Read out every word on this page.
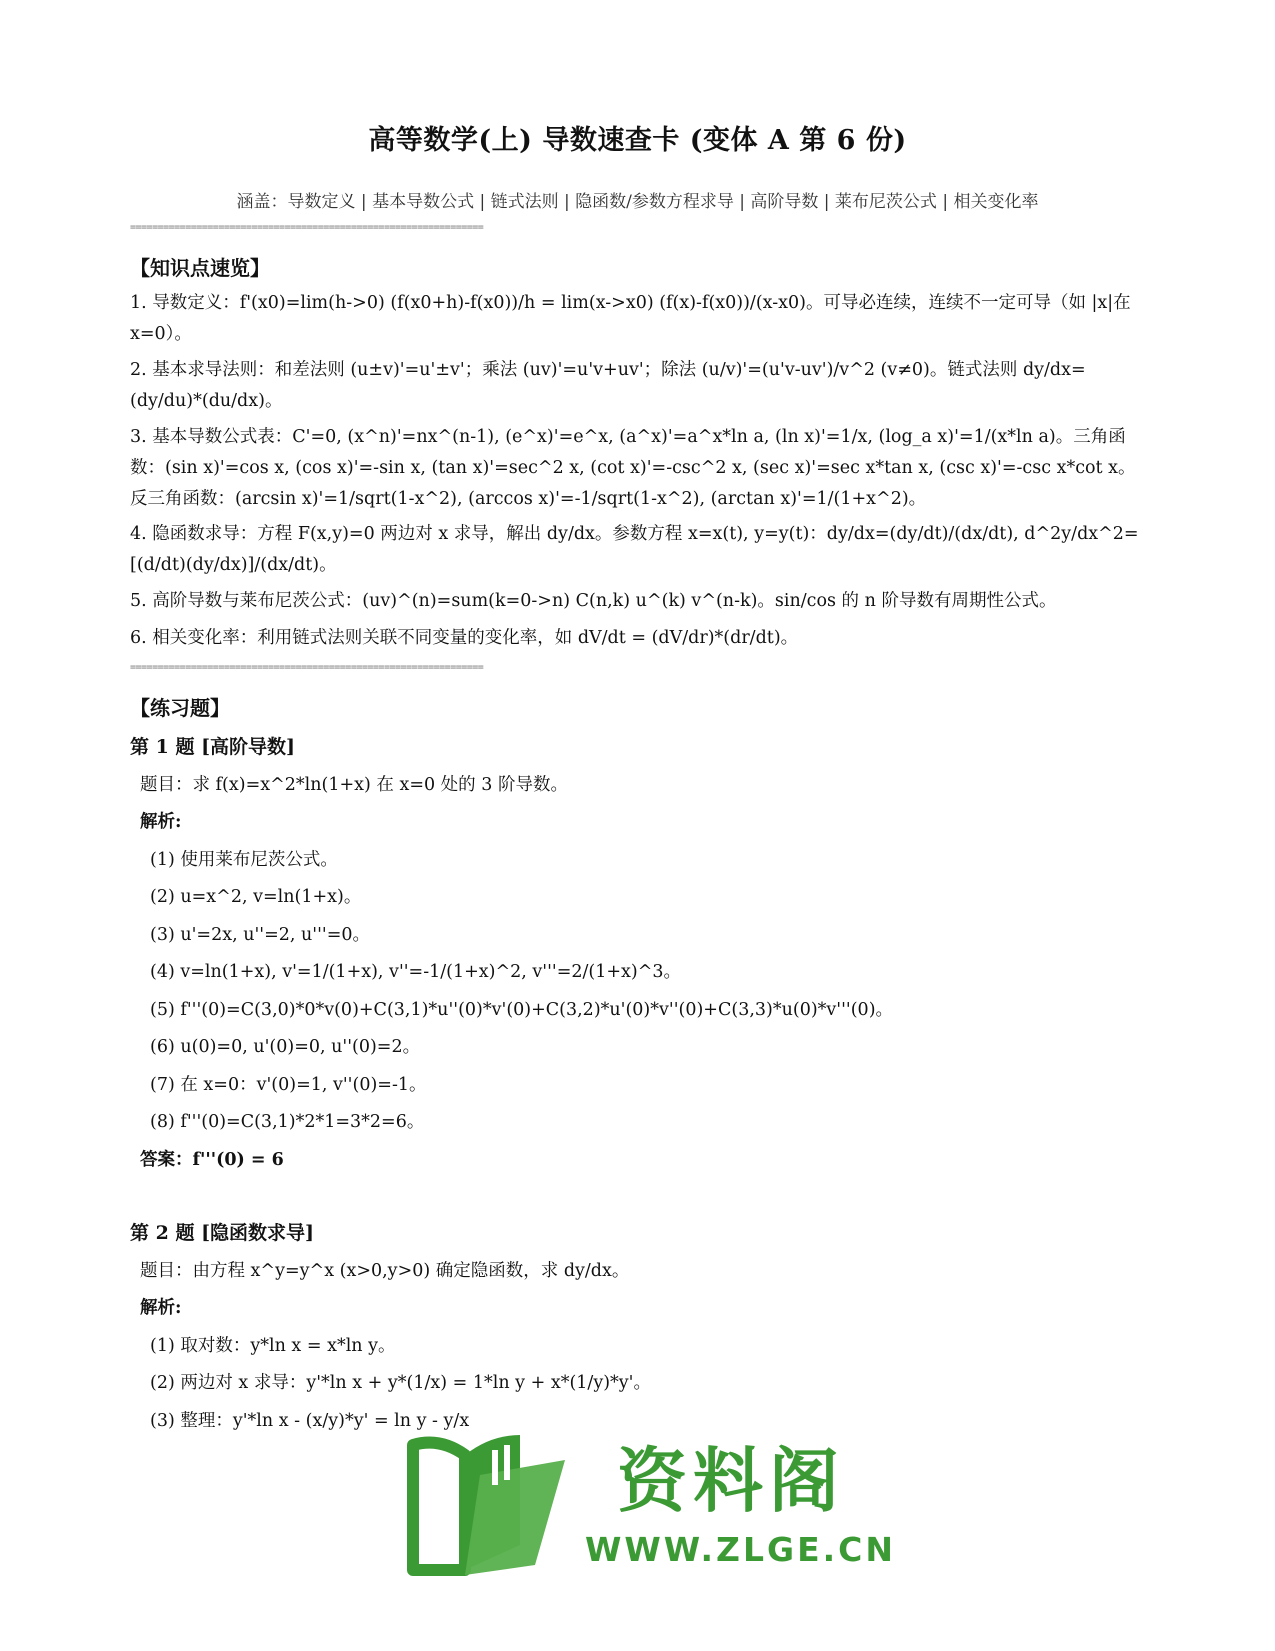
高等数学(上) 导数速查卡 (变体 A 第 6 份)
涵盖：导数定义 | 基本导数公式 | 链式法则 | 隐函数/参数方程求导 | 高阶导数 | 莱布尼茨公式 | 相关变化率
================================================================
【知识点速览】
1. 导数定义：f'(x0)=lim(h->0) (f(x0+h)-f(x0))/h = lim(x->x0) (f(x)-f(x0))/(x-x0)。可导必连续，连续不一定可导（如 |x|在 x=0）。
2. 基本求导法则：和差法则 (u±v)'=u'±v'；乘法 (uv)'=u'v+uv'；除法 (u/v)'=(u'v-uv')/v^2 (v≠0)。链式法则 dy/dx=(dy/du)*(du/dx)。
3. 基本导数公式表：C'=0, (x^n)'=nx^(n-1), (e^x)'=e^x, (a^x)'=a^x*ln a, (ln x)'=1/x, (log_a x)'=1/(x*ln a)。三角函数：(sin x)'=cos x, (cos x)'=-sin x, (tan x)'=sec^2 x, (cot x)'=-csc^2 x, (sec x)'=sec x*tan x, (csc x)'=-csc x*cot x。反三角函数：(arcsin x)'=1/sqrt(1-x^2), (arccos x)'=-1/sqrt(1-x^2), (arctan x)'=1/(1+x^2)。
4. 隐函数求导：方程 F(x,y)=0 两边对 x 求导，解出 dy/dx。参数方程 x=x(t), y=y(t)：dy/dx=(dy/dt)/(dx/dt), d^2y/dx^2=[(d/dt)(dy/dx)]/(dx/dt)。
5. 高阶导数与莱布尼茨公式：(uv)^(n)=sum(k=0->n) C(n,k) u^(k) v^(n-k)。sin/cos 的 n 阶导数有周期性公式。
6. 相关变化率：利用链式法则关联不同变量的变化率，如 dV/dt = (dV/dr)*(dr/dt)。
================================================================
【练习题】
第 1 题 [高阶导数]
题目：求 f(x)=x^2*ln(1+x) 在 x=0 处的 3 阶导数。
解析:
(1) 使用莱布尼茨公式。
(2) u=x^2, v=ln(1+x)。
(3) u'=2x, u''=2, u'''=0。
(4) v=ln(1+x), v'=1/(1+x), v''=-1/(1+x)^2, v'''=2/(1+x)^3。
(5) f'''(0)=C(3,0)*0*v(0)+C(3,1)*u''(0)*v'(0)+C(3,2)*u'(0)*v''(0)+C(3,3)*u(0)*v'''(0)。
(6) u(0)=0, u'(0)=0, u''(0)=2。
(7) 在 x=0：v'(0)=1, v''(0)=-1。
(8) f'''(0)=C(3,1)*2*1=3*2=6。
答案：f'''(0) = 6
第 2 题 [隐函数求导]
题目：由方程 x^y=y^x (x>0,y>0) 确定隐函数，求 dy/dx。
解析:
(1) 取对数：y*ln x = x*ln y。
(2) 两边对 x 求导：y'*ln x + y*(1/x) = 1*ln y + x*(1/y)*y'。
(3) 整理：y'*ln x - (x/y)*y' = ln y - y/x
资料阁
WWW.ZLGE.CN
